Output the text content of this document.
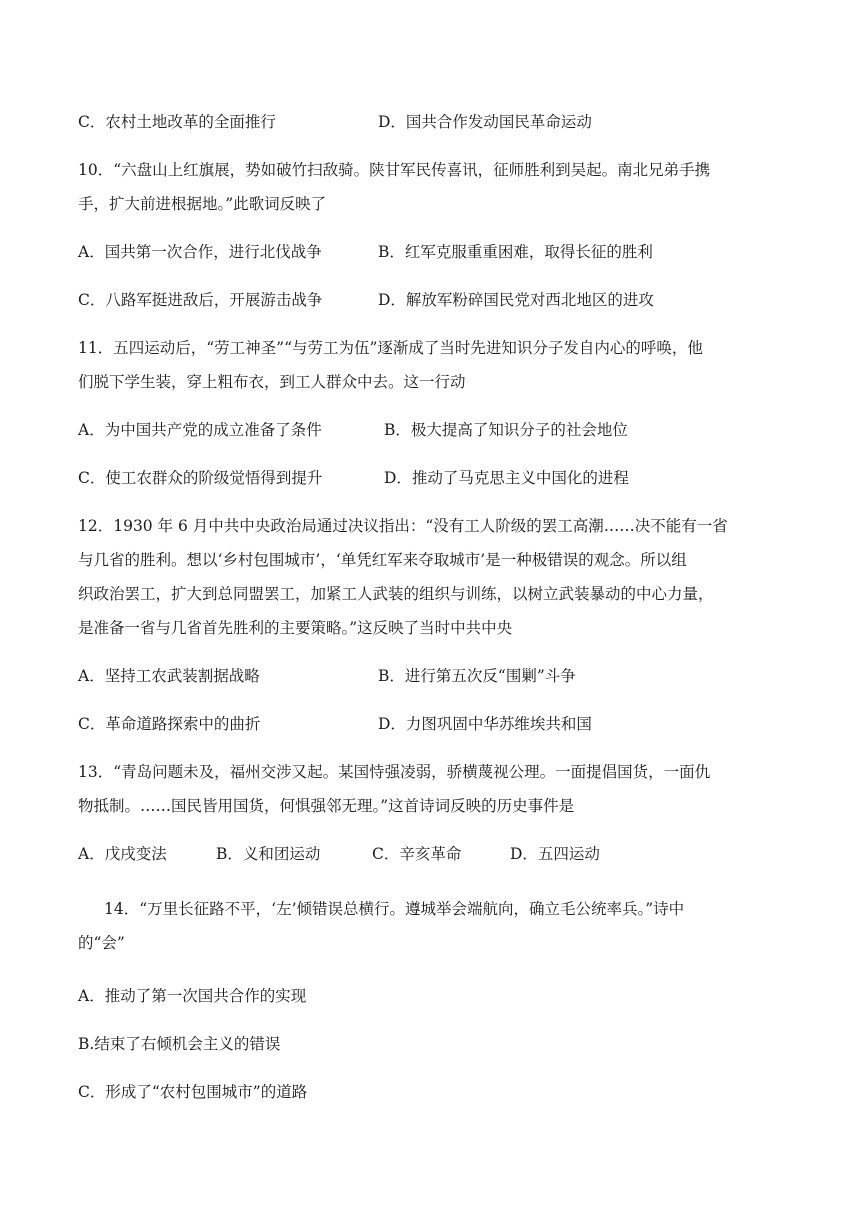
C．农村土地改革的全面推行	D．国共合作发动国民革命运动
10．“六盘山上红旗展，势如破竹扫敌骑。陕甘军民传喜讯，征师胜利到吴起。南北兄弟手携
手，扩大前进根据地。”此歌词反映了
A．国共第一次合作，进行北伐战争	B．红军克服重重困难，取得长征的胜利
C．八路军挺进敌后，开展游击战争	D．解放军粉碎国民党对西北地区的进攻
11．五四运动后，“劳工神圣”“与劳工为伍”逐渐成了当时先进知识分子发自内心的呼唤，他
们脱下学生装，穿上粗布衣，到工人群众中去。这一行动
A．为中国共产党的成立准备了条件	B．极大提高了知识分子的社会地位
C．使工农群众的阶级觉悟得到提升	D．推动了马克思主义中国化的进程
12．1930 年 6 月中共中央政治局通过决议指出：“没有工人阶级的罢工高潮……决不能有一省
与几省的胜利。想以‘乡村包围城市’，‘单凭红军来夺取城市’是一种极错误的观念。所以组
织政治罢工，扩大到总同盟罢工，加紧工人武装的组织与训练，以树立武装暴动的中心力量，
是准备一省与几省首先胜利的主要策略。”这反映了当时中共中央
A．坚持工农武装割据战略	B．进行第五次反“围剿”斗争
C．革命道路探索中的曲折	D．力图巩固中华苏维埃共和国
13．“青岛问题未及，福州交涉又起。某国恃强凌弱，骄横蔑视公理。一面提倡国货，一面仇
物抵制。……国民皆用国货，何惧强邻无理。”这首诗词反映的历史事件是
A．戊戌变法	B．义和团运动	C．辛亥革命	D．五四运动
14．“万里长征路不平，‘左’倾错误总横行。遵城举会端航向，确立毛公统率兵。”诗中
的“会”
A．推动了第一次国共合作的实现
B.结束了右倾机会主义的错误
C．形成了“农村包围城市”的道路
